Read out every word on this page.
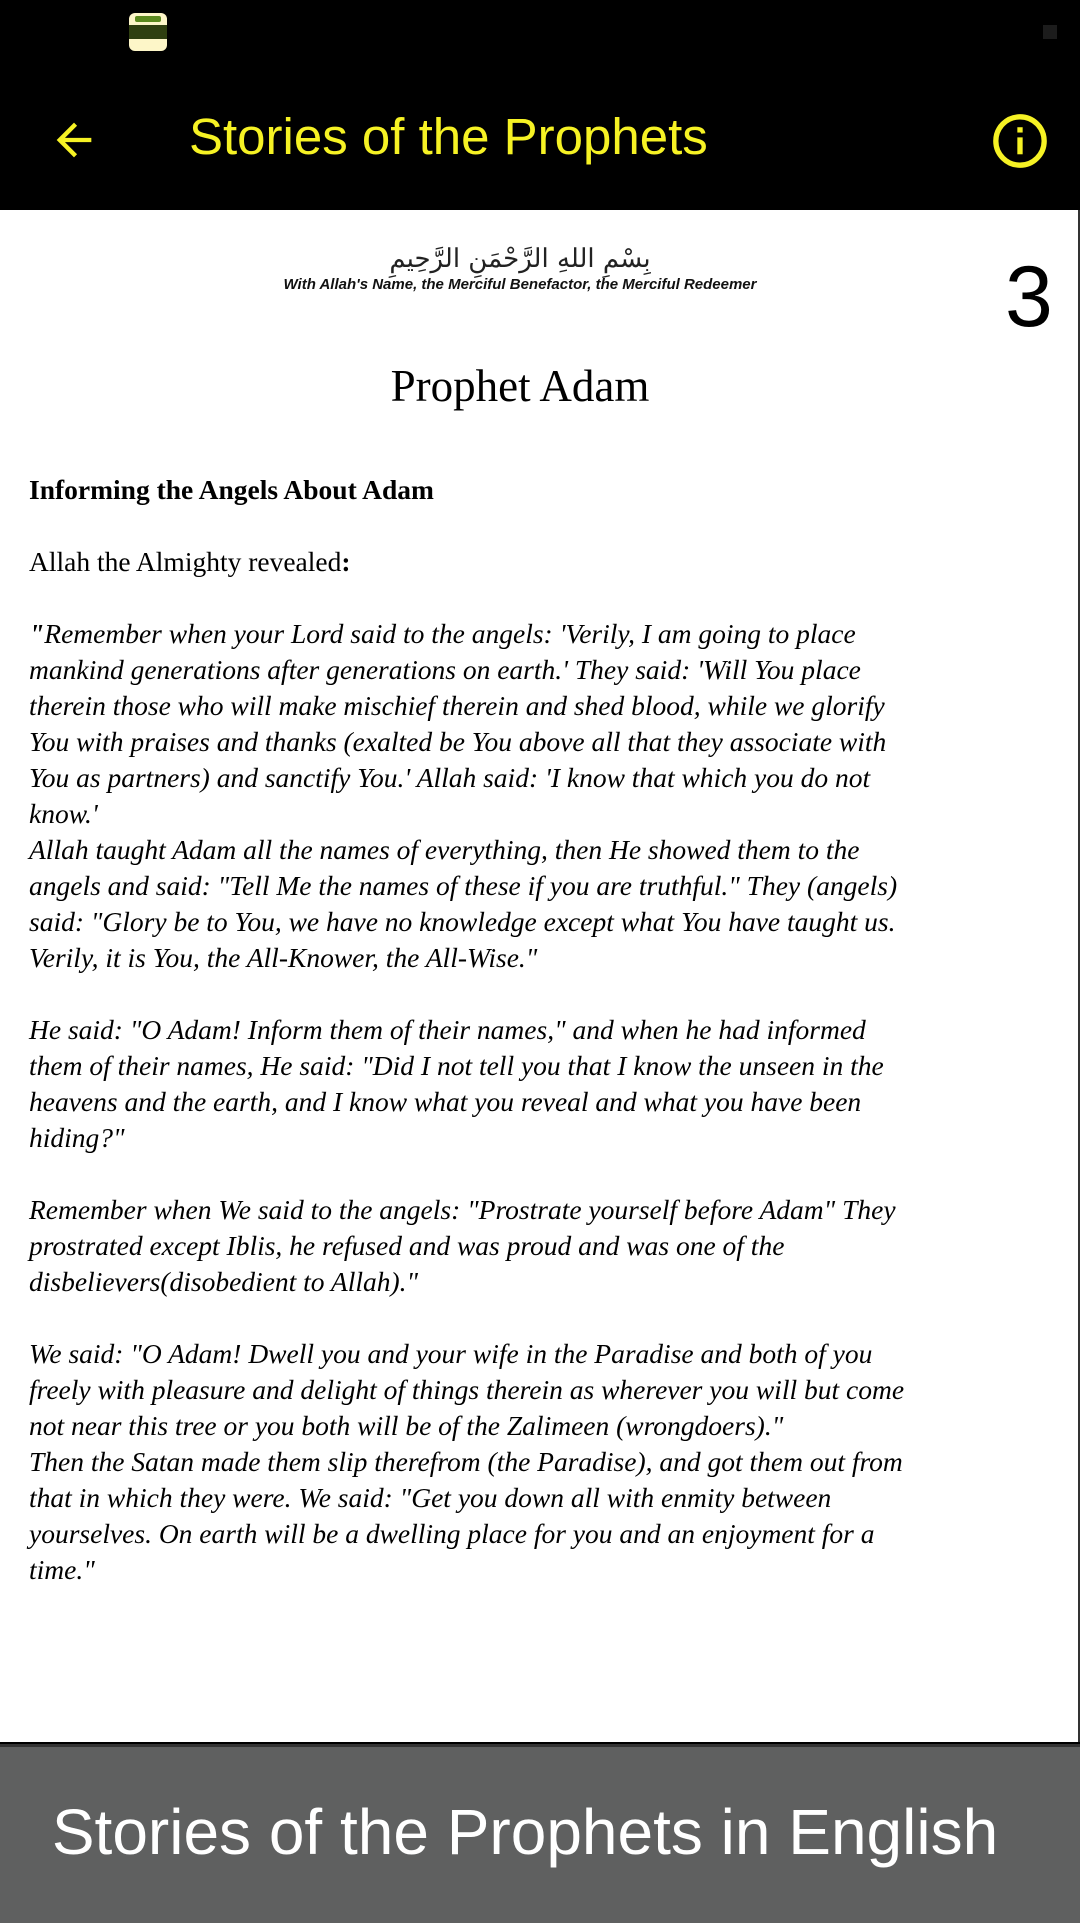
Stories of the Prophets
بِسْمِ اللهِ الرَّحْمَنِ الرَّحِيمِ
With Allah's Name, the Merciful Benefactor, the Merciful Redeemer	3
Prophet Adam

Informing the Angels About Adam

Allah the Almighty revealed:

"Remember when your Lord said to the angels: 'Verily, I am going to place

mankind generations after generations on earth.' They said: 'Will You place

therein those who will make mischief therein and shed blood, while we glorify

You with praises and thanks (exalted be You above all that they associate with

You as partners) and sanctify You.' Allah said: 'I know that which you do not

know.'

Allah taught Adam all the names of everything, then He showed them to the

angels and said: "Tell Me the names of these if you are truthful." They (angels)

said: "Glory be to You, we have no knowledge except what You have taught us.

Verily, it is You, the All-Knower, the All-Wise."

He said: "O Adam! Inform them of their names," and when he had informed

them of their names, He said: "Did I not tell you that I know the unseen in the

heavens and the earth, and I know what you reveal and what you have been

hiding?"

Remember when We said to the angels: "Prostrate yourself before Adam" They

prostrated except Iblis, he refused and was proud and was one of the

disbelievers(disobedient to Allah)."

We said: "O Adam! Dwell you and your wife in the Paradise and both of you

freely with pleasure and delight of things therein as wherever you will but come

not near this tree or you both will be of the Zalimeen (wrongdoers)."

Then the Satan made them slip therefrom (the Paradise), and got them out from

that in which they were. We said: "Get you down all with enmity between

yourselves. On earth will be a dwelling place for you and an enjoyment for a

time."

Stories of the Prophets in English
